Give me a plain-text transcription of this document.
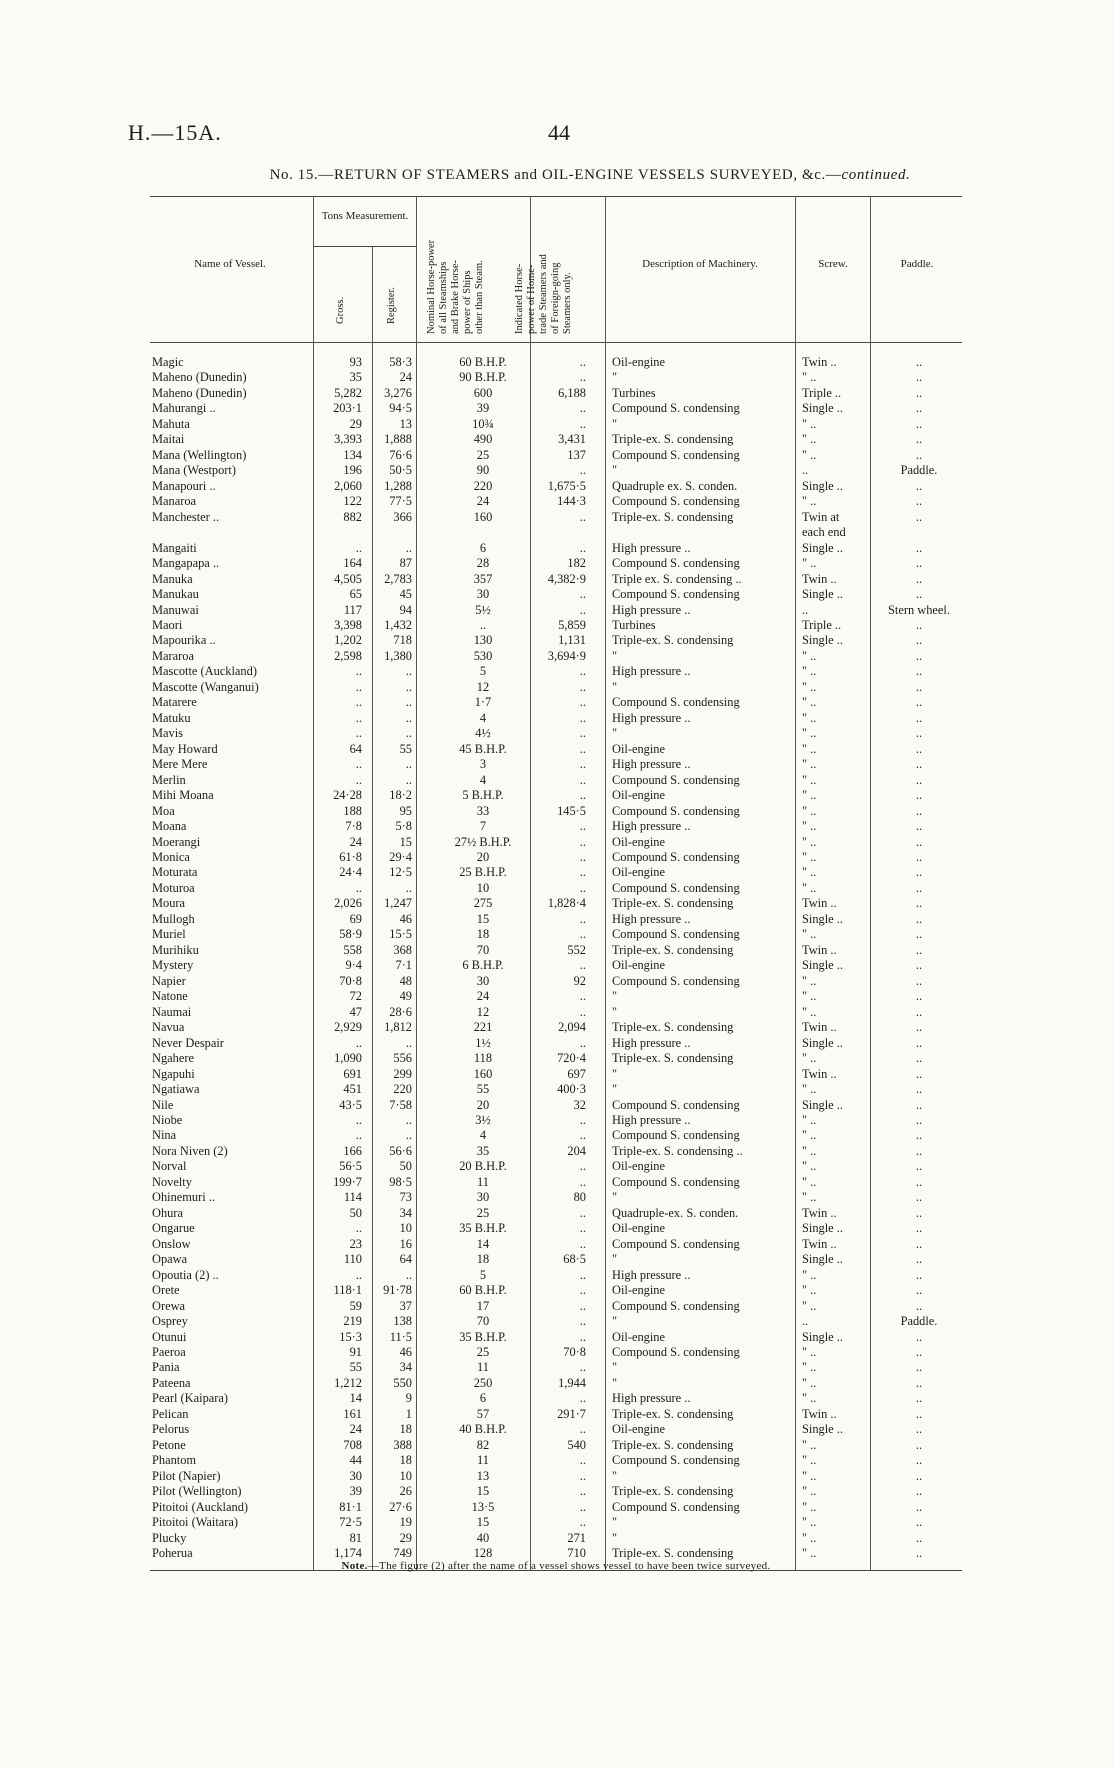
H.—15A.	44
No. 15.—RETURN OF STEAMERS and OIL-ENGINE VESSELS SURVEYED, &c.—continued.
Name of Vessel.
Tons Measurement.
Gross.	Register.	Nominal Horse-power
of all Steamships
and Brake Horse-
power of Ships
other than Steam.
Indicated Horse-
power of Home-
trade Steamers and
of Foreign-going
Steamers only.
Description of Machinery.	Screw.	Paddle.
Magic	93	58·3	60 B.H.P.	.. Oil-engine	Twin ..	..
Maheno (Dunedin)	35	24	90 B.H.P.	.. "	" ..	..
Maheno (Dunedin)	5,282	3,276	600	6,188 Turbines	Triple ..	..
Mahurangi ..	203·1	94·5	39	.. Compound S. condensing	Single ..	..
Mahuta	29	13	10¾	.. "	" ..	..
Maitai	3,393	1,888	490	3,431 Triple-ex. S. condensing	" ..	..
Mana (Wellington)	134	76·6	25	137 Compound S. condensing	" ..	..
Mana (Westport)	196	50·5	90	.. "	..	Paddle.
Manapouri ..	2,060	1,288	220	1,675·5 Quadruple ex. S. conden.	Single ..	..
Manaroa	122	77·5	24	144·3 Compound S. condensing	" ..	..
Manchester ..	882	366	160	.. Triple-ex. S. condensing	Twin at	..
each end
Mangaiti	..	..	6	.. High pressure ..	Single ..	..
Mangapapa ..	164	87	28	182 Compound S. condensing	" ..	..
Manuka	4,505	2,783	357	4,382·9 Triple ex. S. condensing ..	Twin ..	..
Manukau	65	45	30	.. Compound S. condensing	Single ..	..
Manuwai	117	94	5½	.. High pressure ..	..	Stern wheel.
Maori	3,398	1,432	..	5,859 Turbines	Triple ..	..
Mapourika ..	1,202	718	130	1,131 Triple-ex. S. condensing	Single ..	..
Mararoa	2,598	1,380	530	3,694·9 "	" ..	..
Mascotte (Auckland)	..	..	5	.. High pressure ..	" ..	..
Mascotte (Wanganui)	..	..	12	.. "	" ..	..
Matarere	..	..	1·7	.. Compound S. condensing	" ..	..
Matuku	..	..	4	.. High pressure ..	" ..	..
Mavis	..	..	4½	.. "	" ..	..
May Howard	64	55	45 B.H.P.	.. Oil-engine	" ..	..
Mere Mere	..	..	3	.. High pressure ..	" ..	..
Merlin	..	..	4	.. Compound S. condensing	" ..	..
Mihi Moana	24·28	18·2	5 B.H.P.	.. Oil-engine	" ..	..
Moa	188	95	33	145·5 Compound S. condensing	" ..	..
Moana	7·8	5·8	7	.. High pressure ..	" ..	..
Moerangi	24	15	27½ B.H.P.	.. Oil-engine	" ..	..
Monica	61·8	29·4	20	.. Compound S. condensing	" ..	..
Moturata	24·4	12·5	25 B.H.P.	.. Oil-engine	" ..	..
Moturoa	..	..	10	.. Compound S. condensing	" ..	..
Moura	2,026	1,247	275	1,828·4 Triple-ex. S. condensing	Twin ..	..
Mullogh	69	46	15	.. High pressure ..	Single ..	..
Muriel	58·9	15·5	18	.. Compound S. condensing	" ..	..
Murihiku	558	368	70	552 Triple-ex. S. condensing	Twin ..	..
Mystery	9·4	7·1	6 B.H.P.	.. Oil-engine	Single ..	..
Napier	70·8	48	30	92 Compound S. condensing	" ..	..
Natone	72	49	24	.. "	" ..	..
Naumai	47	28·6	12	.. "	" ..	..
Navua	2,929	1,812	221	2,094 Triple-ex. S. condensing	Twin ..	..
Never Despair	..	..	1½	.. High pressure ..	Single ..	..
Ngahere	1,090	556	118	720·4 Triple-ex. S. condensing	" ..	..
Ngapuhi	691	299	160	697 "	Twin ..	..
Ngatiawa	451	220	55	400·3 "	" ..	..
Nile	43·5	7·58	20	32 Compound S. condensing	Single ..	..
Niobe	..	..	3½	.. High pressure ..	" ..	..
Nina	..	..	4	.. Compound S. condensing	" ..	..
Nora Niven (2)	166	56·6	35	204 Triple-ex. S. condensing ..	" ..	..
Norval	56·5	50	20 B.H.P.	.. Oil-engine	" ..	..
Novelty	199·7	98·5	11	.. Compound S. condensing	" ..	..
Ohinemuri ..	114	73	30	80 "	" ..	..
Ohura	50	34	25	.. Quadruple-ex. S. conden.	Twin ..	..
Ongarue	..	10	35 B.H.P.	.. Oil-engine	Single ..	..
Onslow	23	16	14	.. Compound S. condensing	Twin ..	..
Opawa	110	64	18	68·5 "	Single ..	..
Opoutia (2) ..	..	..	5	.. High pressure ..	" ..	..
Orete	118·1	91·78	60 B.H.P.	.. Oil-engine	" ..	..
Orewa	59	37	17	.. Compound S. condensing	" ..	..
Osprey	219	138	70	.. "	..	Paddle.
Otunui	15·3	11·5	35 B.H.P.	.. Oil-engine	Single ..	..
Paeroa	91	46	25	70·8 Compound S. condensing	" ..	..
Pania	55	34	11	.. "	" ..	..
Pateena	1,212	550	250	1,944 "	" ..	..
Pearl (Kaipara)	14	9	6	.. High pressure ..	" ..	..
Pelican	161	1	57	291·7 Triple-ex. S. condensing	Twin ..	..
Pelorus	24	18	40 B.H.P.	.. Oil-engine	Single ..	..
Petone	708	388	82	540 Triple-ex. S. condensing	" ..	..
Phantom	44	18	11	.. Compound S. condensing	" ..	..
Pilot (Napier)	30	10	13	.. "	" ..	..
Pilot (Wellington)	39	26	15	.. Triple-ex. S. condensing	" ..	..
Pitoitoi (Auckland)	81·1	27·6	13·5	.. Compound S. condensing	" ..	..
Pitoitoi (Waitara)	72·5	19	15	.. "	" ..	..
Plucky	81	29	40	271 "	" ..	..
Poherua	1,174	749	128	710 Triple-ex. S. condensing	" ..	..
Note.—The figure (2) after the name of a vessel shows vessel to have been twice surveyed.
